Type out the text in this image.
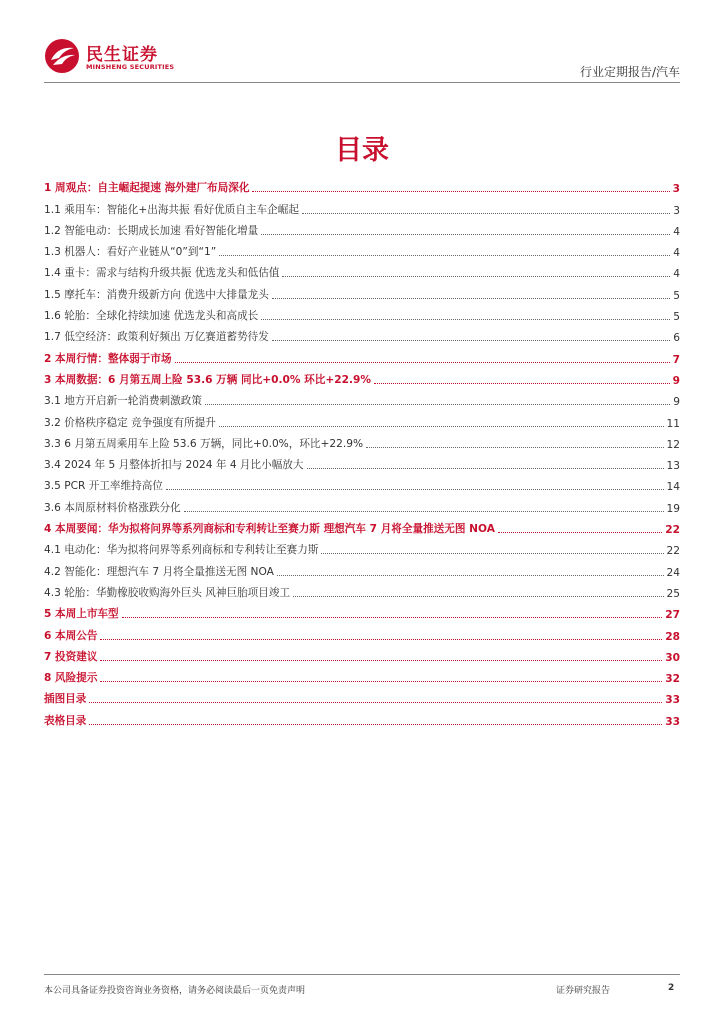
民生证券
MINSHENG SECURITIES	行业定期报告/汽车
目录
1 周观点：自主崛起提速 海外建厂布局深化	3
1.1 乘用车：智能化+出海共振 看好优质自主车企崛起	3
1.2 智能电动：长期成长加速 看好智能化增量	4
1.3 机器人：看好产业链从“0”到“1”	4
1.4 重卡：需求与结构升级共振 优选龙头和低估值	4
1.5 摩托车：消费升级新方向 优选中大排量龙头	5
1.6 轮胎：全球化持续加速 优选龙头和高成长	5
1.7 低空经济：政策利好频出 万亿赛道蓄势待发	6
2 本周行情：整体弱于市场	7
3 本周数据：6 月第五周上险 53.6 万辆 同比+0.0% 环比+22.9%	9
3.1 地方开启新一轮消费刺激政策	9
3.2 价格秩序稳定 竞争强度有所提升	11
3.3 6 月第五周乘用车上险 53.6 万辆，同比+0.0%，环比+22.9%	12
3.4 2024 年 5 月整体折扣与 2024 年 4 月比小幅放大	13
3.5 PCR 开工率维持高位	14
3.6 本周原材料价格涨跌分化	19
4 本周要闻：华为拟将问界等系列商标和专利转让至赛力斯 理想汽车 7 月将全量推送无图 NOA	22
4.1 电动化：华为拟将问界等系列商标和专利转让至赛力斯	22
4.2 智能化：理想汽车 7 月将全量推送无图 NOA	24
4.3 轮胎：华勤橡胶收购海外巨头 风神巨胎项目竣工	25
5 本周上市车型	27
6 本周公告	28
7 投资建议	30
8 风险提示	32
插图目录	33
表格目录	33
本公司具备证券投资咨询业务资格，请务必阅读最后一页免责声明	证券研究报告	2
